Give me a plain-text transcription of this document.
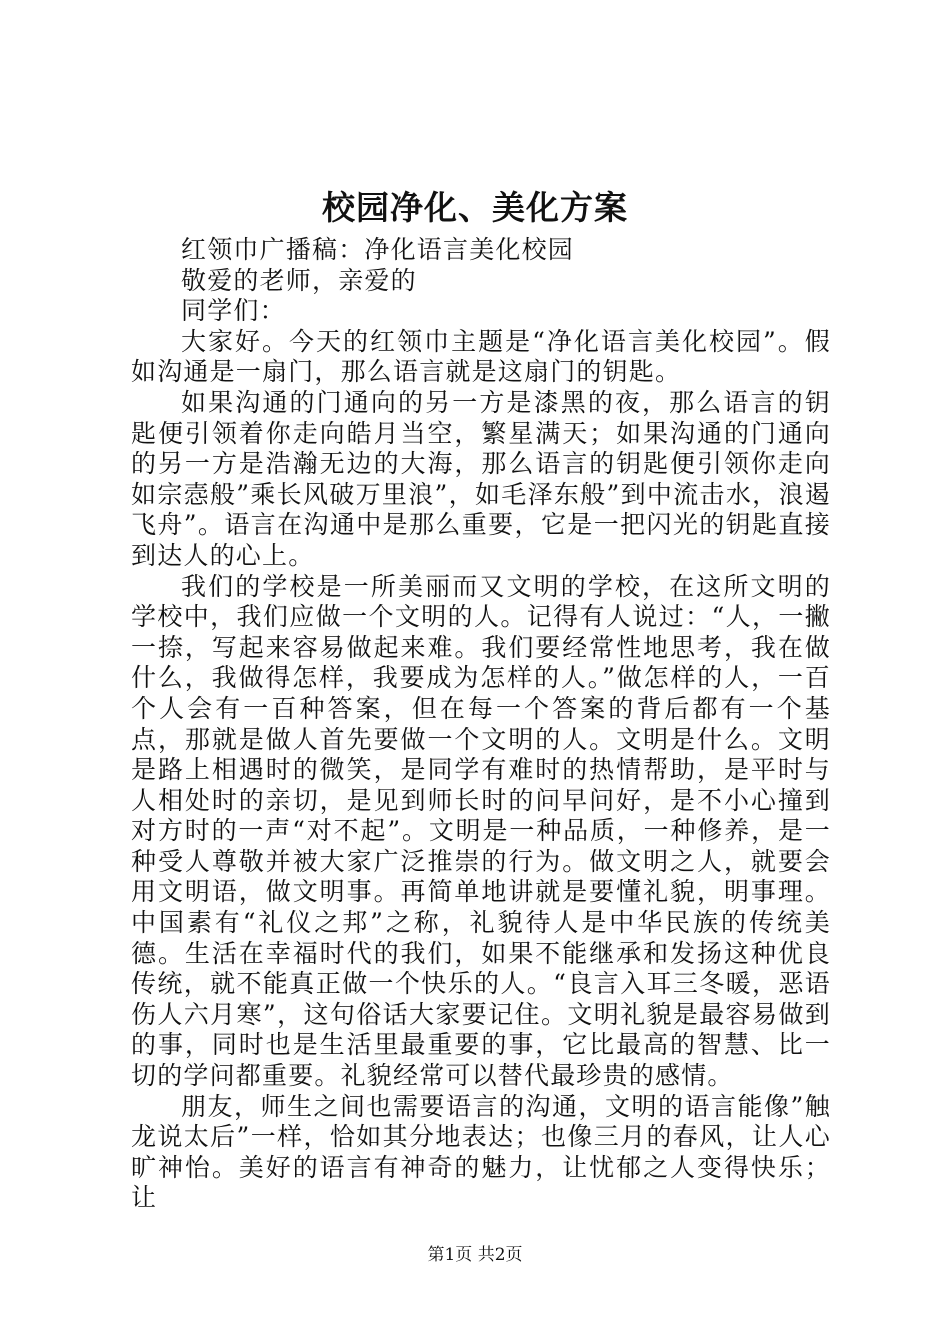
校园净化、美化方案

红领巾广播稿：净化语言美化校园

敬爱的老师，亲爱的

同学们：

大家好。今天的红领巾主题是“净化语言美化校园”。假如沟通是一扇门，那么语言就是这扇门的钥匙。

如果沟通的门通向的另一方是漆黑的夜，那么语言的钥匙便引领着你走向皓月当空，繁星满天；如果沟通的门通向的另一方是浩瀚无边的大海，那么语言的钥匙便引领你走向如宗悫般”乘长风破万里浪”，如毛泽东般”到中流击水，浪遏飞舟”。语言在沟通中是那么重要，它是一把闪光的钥匙直接到达人的心上。

我们的学校是一所美丽而又文明的学校，在这所文明的学校中，我们应做一个文明的人。记得有人说过：“人，一撇一捺，写起来容易做起来难。我们要经常性地思考，我在做什么，我做得怎样，我要成为怎样的人。”做怎样的人，一百个人会有一百种答案，但在每一个答案的背后都有一个基点，那就是做人首先要做一个文明的人。文明是什么。文明是路上相遇时的微笑，是同学有难时的热情帮助，是平时与人相处时的亲切，是见到师长时的问早问好，是不小心撞到对方时的一声“对不起”。文明是一种品质，一种修养，是一种受人尊敬并被大家广泛推崇的行为。做文明之人，就要会用文明语，做文明事。再简单地讲就是要懂礼貌，明事理。中国素有“礼仪之邦”之称，礼貌待人是中华民族的传统美德。生活在幸福时代的我们，如果不能继承和发扬这种优良传统，就不能真正做一个快乐的人。“良言入耳三冬暖，恶语伤人六月寒”，这句俗话大家要记住。文明礼貌是最容易做到的事，同时也是生活里最重要的事，它比最高的智慧、比一切的学问都重要。礼貌经常可以替代最珍贵的感情。

朋友，师生之间也需要语言的沟通，文明的语言能像”触龙说太后”一样，恰如其分地表达；也像三月的春风，让人心旷神怡。美好的语言有神奇的魅力，让忧郁之人变得快乐；让

第1页 共2页
